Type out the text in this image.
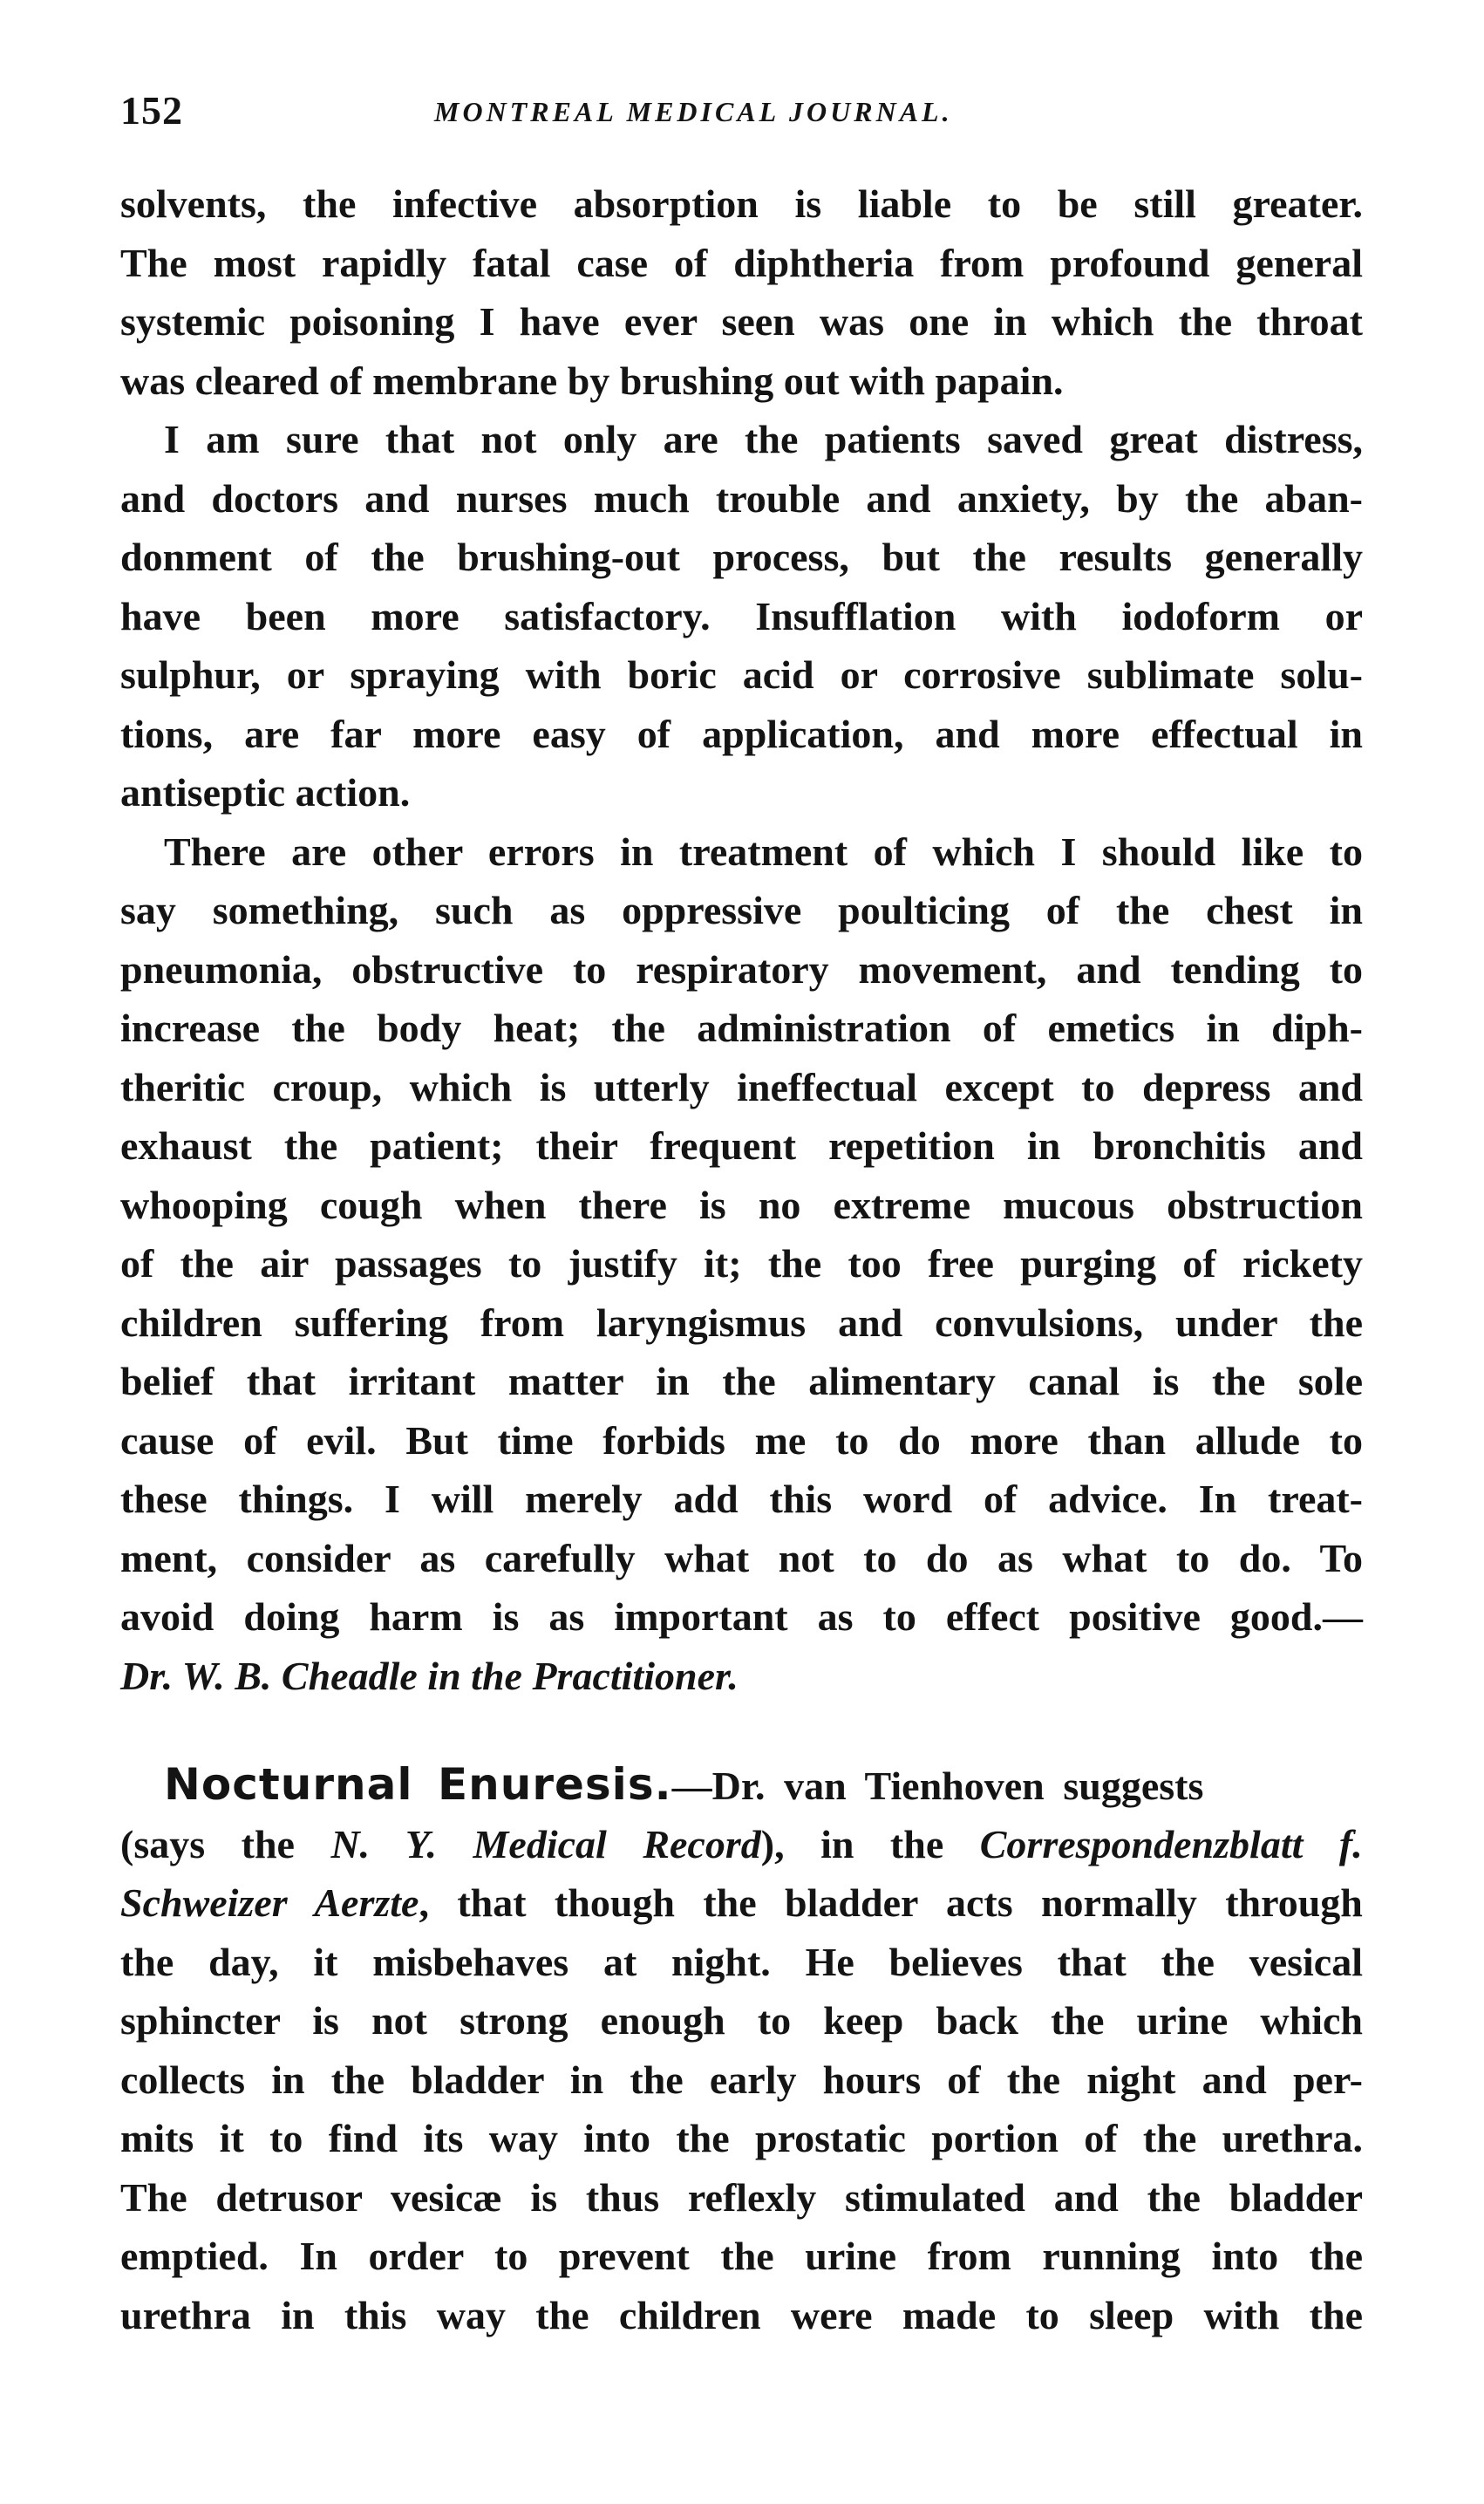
152	MONTREAL MEDICAL JOURNAL.
solvents, the infective absorption is liable to be still greater.
The most rapidly fatal case of diphtheria from profound general
systemic poisoning I have ever seen was one in which the throat
was cleared of membrane by brushing out with papain.
I am sure that not only are the patients saved great distress,
and doctors and nurses much trouble and anxiety, by the aban-
donment of the brushing-out process, but the results generally
have been more satisfactory. Insufflation with iodoform or
sulphur, or spraying with boric acid or corrosive sublimate solu-
tions, are far more easy of application, and more effectual in
antiseptic action.
There are other errors in treatment of which I should like to
say something, such as oppressive poulticing of the chest in
pneumonia, obstructive to respiratory movement, and tending to
increase the body heat; the administration of emetics in diph-
theritic croup, which is utterly ineffectual except to depress and
exhaust the patient; their frequent repetition in bronchitis and
whooping cough when there is no extreme mucous obstruction
of the air passages to justify it; the too free purging of rickety
children suffering from laryngismus and convulsions, under the
belief that irritant matter in the alimentary canal is the sole
cause of evil. But time forbids me to do more than allude to
these things. I will merely add this word of advice. In treat-
ment, consider as carefully what not to do as what to do. To
avoid doing harm is as important as to effect positive good.—
Dr. W. B. Cheadle in the Practitioner.
Nocturnal Enuresis.—Dr. van Tienhoven suggests
(says the N. Y. Medical Record), in the Correspondenzblatt f.
Schweizer Aerzte, that though the bladder acts normally through
the day, it misbehaves at night. He believes that the vesical
sphincter is not strong enough to keep back the urine which
collects in the bladder in the early hours of the night and per-
mits it to find its way into the prostatic portion of the urethra.
The detrusor vesicæ is thus reflexly stimulated and the bladder
emptied. In order to prevent the urine from running into the
urethra in this way the children were made to sleep with the
